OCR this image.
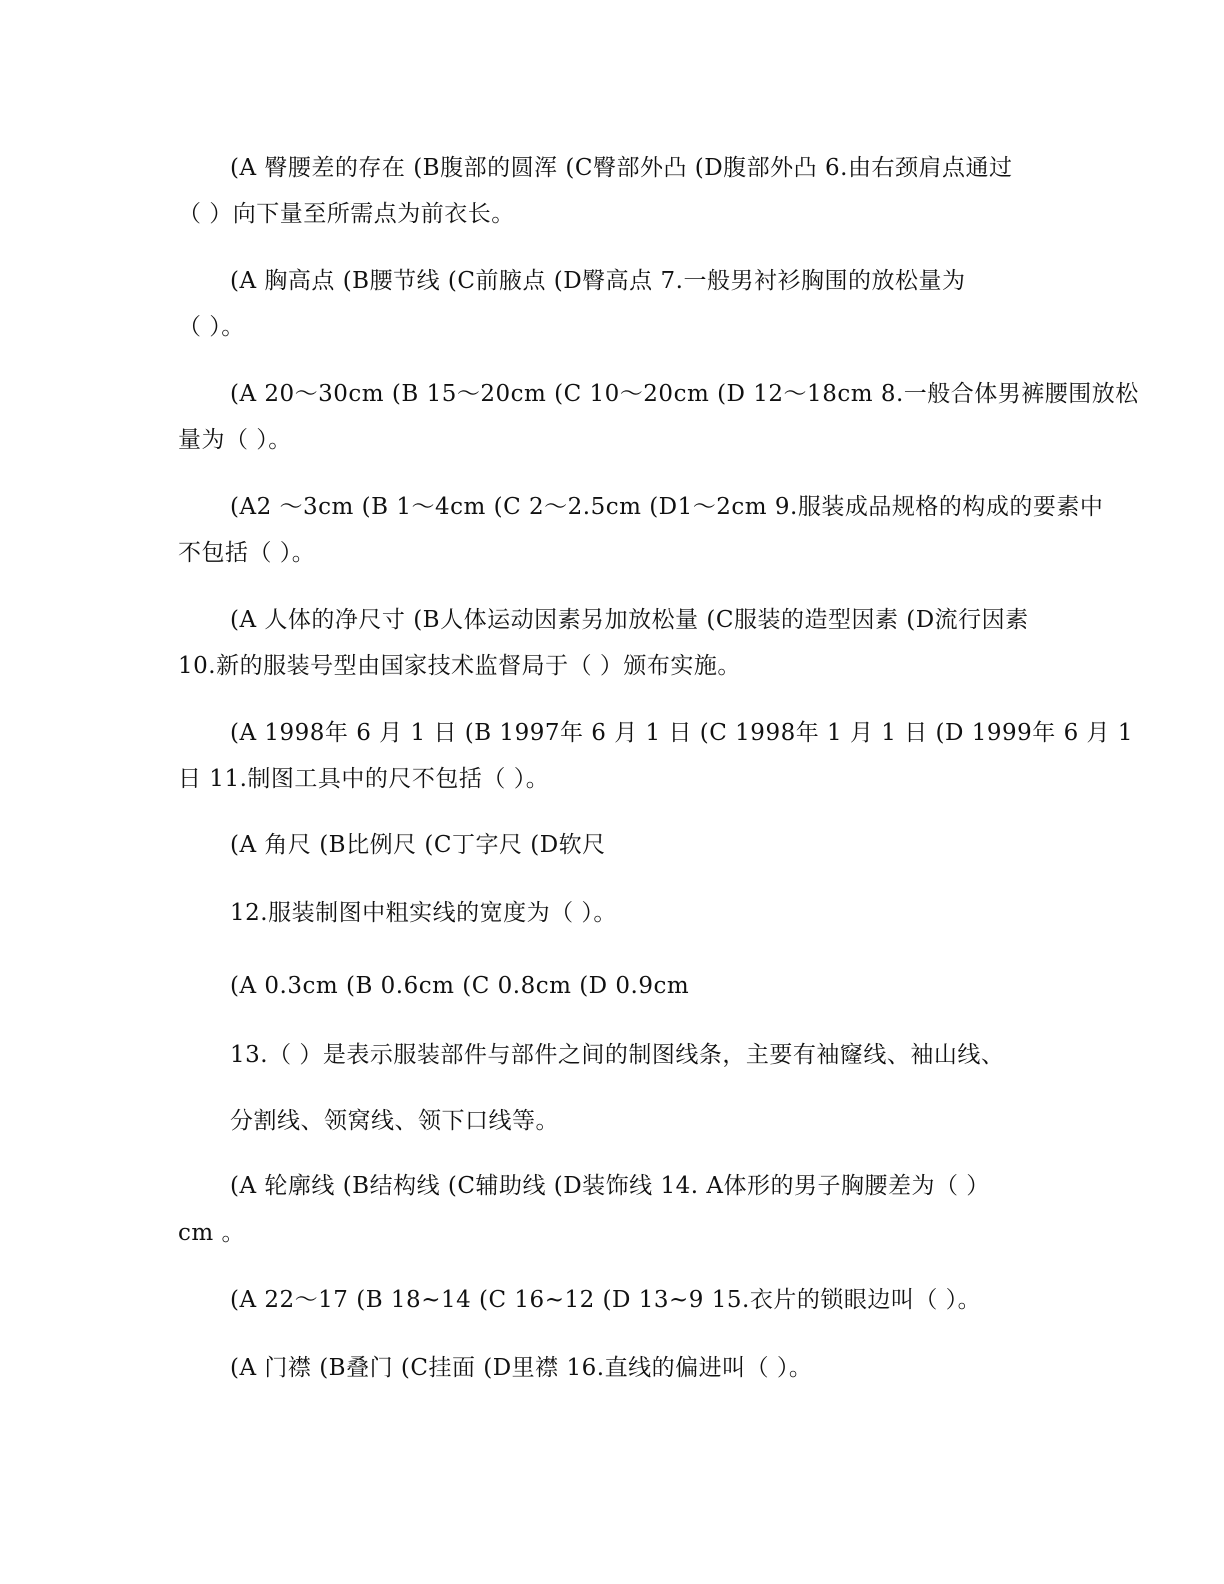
(A 臀腰差的存在 (B腹部的圆浑 (C臀部外凸 (D腹部外凸 6.由右颈肩点通过
（ ）向下量至所需点为前衣长。
(A 胸高点 (B腰节线 (C前腋点 (D臀高点 7.一般男衬衫胸围的放松量为
（ ）。
(A 20～30cm (B 15～20cm (C 10～20cm (D 12～18cm 8.一般合体男裤腰围放松
量为（ ）。
(A2 ～3cm (B 1～4cm (C 2～2.5cm (D1～2cm 9.服装成品规格的构成的要素中
不包括（ ）。
(A 人体的净尺寸 (B人体运动因素另加放松量 (C服装的造型因素 (D流行因素
10.新的服装号型由国家技术监督局于（ ）颁布实施。
(A 1998年 6 月 1 日 (B 1997年 6 月 1 日 (C 1998年 1 月 1 日 (D 1999年 6 月 1
日 11.制图工具中的尺不包括（ ）。
(A 角尺 (B比例尺 (C丁字尺 (D软尺
12.服装制图中粗实线的宽度为（ ）。
(A 0.3cm (B 0.6cm (C 0.8cm (D 0.9cm
13.（ ）是表示服装部件与部件之间的制图线条，主要有袖窿线、袖山线、
分割线、领窝线、领下口线等。
(A 轮廓线 (B结构线 (C辅助线 (D装饰线 14. A体形的男子胸腰差为（ ）
cm 。
(A 22～17 (B 18~14 (C 16~12 (D 13~9 15.衣片的锁眼边叫（ ）。
(A 门襟 (B叠门 (C挂面 (D里襟 16.直线的偏进叫（ ）。
